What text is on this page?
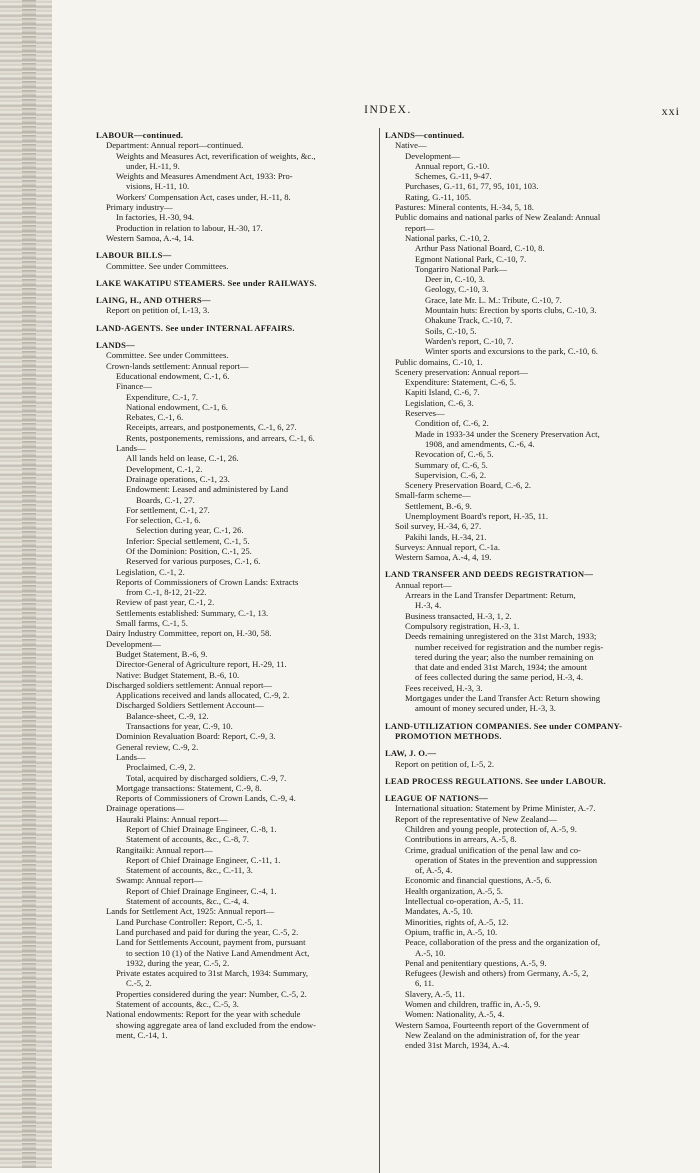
INDEX.	xxi
LABOUR—continued.
Department: Annual report—continued.
Weights and Measures Act, reverification of weights, &c.,
under, H.-11, 9.
Weights and Measures Amendment Act, 1933: Pro-
visions, H.-11, 10.
Workers' Compensation Act, cases under, H.-11, 8.
Primary industry—
In factories, H.-30, 94.
Production in relation to labour, H.-30, 17.
Western Samoa, A.-4, 14.
LABOUR BILLS—
Committee. See under Committees.
LAKE WAKATIPU STEAMERS. See under RAILWAYS.
LAING, H., AND OTHERS—
Report on petition of, I.-13, 3.
LAND-AGENTS. See under INTERNAL AFFAIRS.
LANDS—
Committee. See under Committees.
Crown-lands settlement: Annual report—
Educational endowment, C.-1, 6.
Finance—
Expenditure, C.-1, 7.
National endowment, C.-1, 6.
Rebates, C.-1, 6.
Receipts, arrears, and postponements, C.-1, 6, 27.
Rents, postponements, remissions, and arrears, C.-1, 6.
Lands—
All lands held on lease, C.-1, 26.
Development, C.-1, 2.
Drainage operations, C.-1, 23.
Endowment: Leased and administered by Land
Boards, C.-1, 27.
For settlement, C.-1, 27.
For selection, C.-1, 6.
Selection during year, C.-1, 26.
Inferior: Special settlement, C.-1, 5.
Of the Dominion: Position, C.-1, 25.
Reserved for various purposes, C.-1, 6.
Legislation, C.-1, 2.
Reports of Commissioners of Crown Lands: Extracts
from C.-1, 8-12, 21-22.
Review of past year, C.-1, 2.
Settlements established: Summary, C.-1, 13.
Small farms, C.-1, 5.
Dairy Industry Committee, report on, H.-30, 58.
Development—
Budget Statement, B.-6, 9.
Director-General of Agriculture report, H.-29, 11.
Native: Budget Statement, B.-6, 10.
Discharged soldiers settlement: Annual report—
Applications received and lands allocated, C.-9, 2.
Discharged Soldiers Settlement Account—
Balance-sheet, C.-9, 12.
Transactions for year, C.-9, 10.
Dominion Revaluation Board: Report, C.-9, 3.
General review, C.-9, 2.
Lands—
Proclaimed, C.-9, 2.
Total, acquired by discharged soldiers, C.-9, 7.
Mortgage transactions: Statement, C.-9, 8.
Reports of Commissioners of Crown Lands, C.-9, 4.
Drainage operations—
Hauraki Plains: Annual report—
Report of Chief Drainage Engineer, C.-8, 1.
Statement of accounts, &c., C.-8, 7.
Rangitaiki: Annual report—
Report of Chief Drainage Engineer, C.-11, 1.
Statement of accounts, &c., C.-11, 3.
Swamp: Annual report—
Report of Chief Drainage Engineer, C.-4, 1.
Statement of accounts, &c., C.-4, 4.
Lands for Settlement Act, 1925: Annual report—
Land Purchase Controller: Report, C.-5, 1.
Land purchased and paid for during the year, C.-5, 2.
Land for Settlements Account, payment from, pursuant
to section 10 (1) of the Native Land Amendment Act,
1932, during the year, C.-5, 2.
Private estates acquired to 31st March, 1934: Summary,
C.-5, 2.
Properties considered during the year: Number, C.-5, 2.
Statement of accounts, &c., C.-5, 3.
National endowments: Report for the year with schedule
showing aggregate area of land excluded from the endow-
ment, C.-14, 1.
LANDS—continued.
Native—
Development—
Annual report, G.-10.
Schemes, G.-11, 9-47.
Purchases, G.-11, 61, 77, 95, 101, 103.
Rating, G.-11, 105.
Pastures: Mineral contents, H.-34, 5, 18.
Public domains and national parks of New Zealand: Annual
report—
National parks, C.-10, 2.
Arthur Pass National Board, C.-10, 8.
Egmont National Park, C.-10, 7.
Tongariro National Park—
Deer in, C.-10, 3.
Geology, C.-10, 3.
Grace, late Mr. L. M.: Tribute, C.-10, 7.
Mountain huts: Erection by sports clubs, C.-10, 3.
Ohakune Track, C.-10, 7.
Soils, C.-10, 5.
Warden's report, C.-10, 7.
Winter sports and excursions to the park, C.-10, 6.
Public domains, C.-10, 1.
Scenery preservation: Annual report—
Expenditure: Statement, C.-6, 5.
Kapiti Island, C.-6, 7.
Legislation, C.-6, 3.
Reserves—
Condition of, C.-6, 2.
Made in 1933-34 under the Scenery Preservation Act,
1908, and amendments, C.-6, 4.
Revocation of, C.-6, 5.
Summary of, C.-6, 5.
Supervision, C.-6, 2.
Scenery Preservation Board, C.-6, 2.
Small-farm scheme—
Settlement, B.-6, 9.
Unemployment Board's report, H.-35, 11.
Soil survey, H.-34, 6, 27.
Pakihi lands, H.-34, 21.
Surveys: Annual report, C.-1a.
Western Samoa, A.-4, 4, 19.
LAND TRANSFER AND DEEDS REGISTRATION—
Annual report—
Arrears in the Land Transfer Department: Return,
H.-3, 4.
Business transacted, H.-3, 1, 2.
Compulsory registration, H.-3, 1.
Deeds remaining unregistered on the 31st March, 1933;
number received for registration and the number regis-
tered during the year; also the number remaining on
that date and ended 31st March, 1934; the amount
of fees collected during the same period, H.-3, 4.
Fees received, H.-3, 3.
Mortgages under the Land Transfer Act: Return showing
amount of money secured under, H.-3, 3.
LAND-UTILIZATION COMPANIES. See under COMPANY-
PROMOTION METHODS.
LAW, J. O.—
Report on petition of, I.-5, 2.
LEAD PROCESS REGULATIONS. See under LABOUR.
LEAGUE OF NATIONS—
International situation: Statement by Prime Minister, A.-7.
Report of the representative of New Zealand—
Children and young people, protection of, A.-5, 9.
Contributions in arrears, A.-5, 8.
Crime, gradual unification of the penal law and co-
operation of States in the prevention and suppression
of, A.-5, 4.
Economic and financial questions, A.-5, 6.
Health organization, A.-5, 5.
Intellectual co-operation, A.-5, 11.
Mandates, A.-5, 10.
Minorities, rights of, A.-5, 12.
Opium, traffic in, A.-5, 10.
Peace, collaboration of the press and the organization of,
A.-5, 10.
Penal and penitentiary questions, A.-5, 9.
Refugees (Jewish and others) from Germany, A.-5, 2,
6, 11.
Slavery, A.-5, 11.
Women and children, traffic in, A.-5, 9.
Women: Nationality, A.-5, 4.
Western Samoa, Fourteenth report of the Government of
New Zealand on the administration of, for the year
ended 31st March, 1934, A.-4.
